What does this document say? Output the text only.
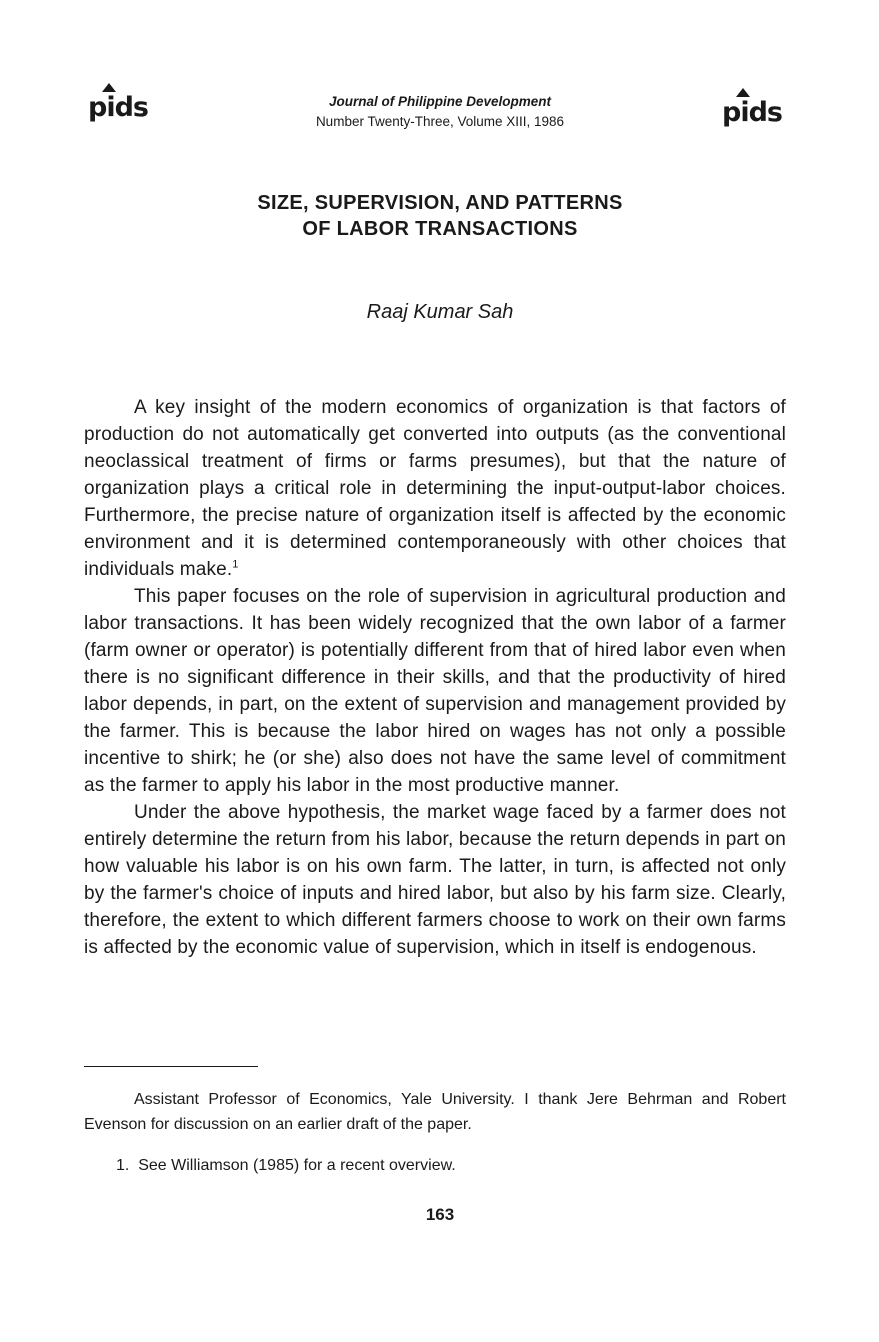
pids	Journal of Philippine Development
Number Twenty-Three, Volume XIII, 1986	pids
SIZE, SUPERVISION, AND PATTERNS
OF LABOR TRANSACTIONS
Raaj Kumar Sah

A key insight of the modern economics of organization is that factors of production do not automatically get converted into outputs (as the conventional neoclassical treatment of firms or farms presumes), but that the nature of organization plays a critical role in determining the input-output-labor choices. Furthermore, the precise nature of organization itself is affected by the economic environment and it is determined contemporaneously with other choices that individuals make.$^1$

This paper focuses on the role of supervision in agricultural production and labor transactions. It has been widely recognized that the own labor of a farmer (farm owner or operator) is potentially different from that of hired labor even when there is no significant difference in their skills, and that the productivity of hired labor depends, in part, on the extent of supervision and management provided by the farmer. This is because the labor hired on wages has not only a possible incentive to shirk; he (or she) also does not have the same level of commitment as the farmer to apply his labor in the most productive manner.

Under the above hypothesis, the market wage faced by a farmer does not entirely determine the return from his labor, because the return depends in part on how valuable his labor is on his own farm. The latter, in turn, is affected not only by the farmer's choice of inputs and hired labor, but also by his farm size. Clearly, therefore, the extent to which different farmers choose to work on their own farms is affected by the economic value of supervision, which in itself is endogenous.

Assistant Professor of Economics, Yale University. I thank Jere Behrman and Robert Evenson for discussion on an earlier draft of the paper.

1. See Williamson (1985) for a recent overview.

163
